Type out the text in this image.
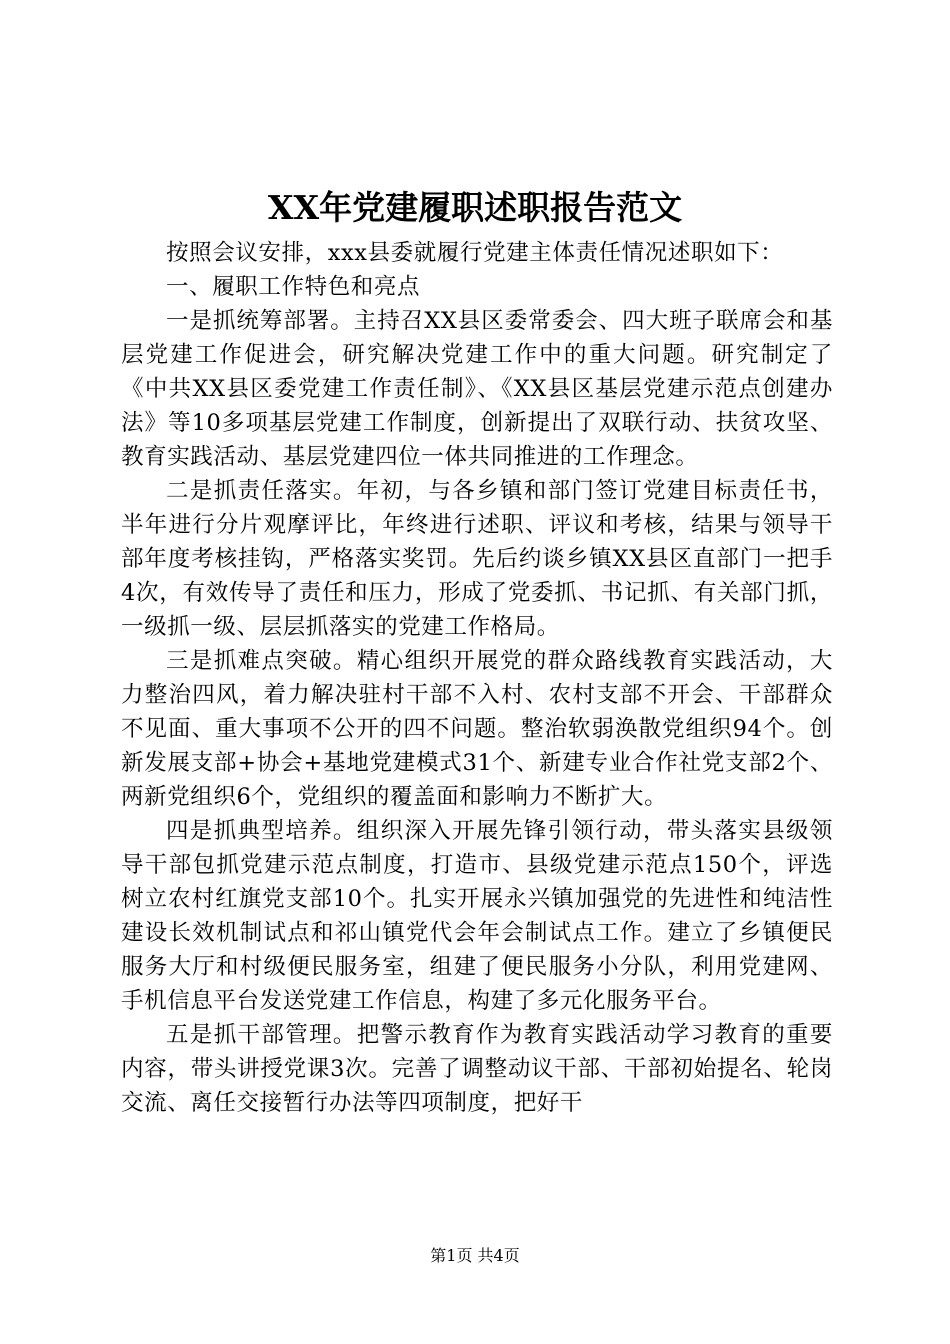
XX年党建履职述职报告范文

按照会议安排，xxx县委就履行党建主体责任情况述职如下：

一、履职工作特色和亮点

一是抓统筹部署。主持召XX县区委常委会、四大班子联席会和基层党建工作促进会，研究解决党建工作中的重大问题。研究制定了《中共XX县区委党建工作责任制》、《XX县区基层党建示范点创建办法》等10多项基层党建工作制度，创新提出了双联行动、扶贫攻坚、教育实践活动、基层党建四位一体共同推进的工作理念。

二是抓责任落实。年初，与各乡镇和部门签订党建目标责任书，半年进行分片观摩评比，年终进行述职、评议和考核，结果与领导干部年度考核挂钩，严格落实奖罚。先后约谈乡镇XX县区直部门一把手4次，有效传导了责任和压力，形成了党委抓、书记抓、有关部门抓，一级抓一级、层层抓落实的党建工作格局。

三是抓难点突破。精心组织开展党的群众路线教育实践活动，大力整治四风，着力解决驻村干部不入村、农村支部不开会、干部群众不见面、重大事项不公开的四不问题。整治软弱涣散党组织94个。创新发展支部+协会+基地党建模式31个、新建专业合作社党支部2个、两新党组织6个，党组织的覆盖面和影响力不断扩大。

四是抓典型培养。组织深入开展先锋引领行动，带头落实县级领导干部包抓党建示范点制度，打造市、县级党建示范点150个，评选树立农村红旗党支部10个。扎实开展永兴镇加强党的先进性和纯洁性建设长效机制试点和祁山镇党代会年会制试点工作。建立了乡镇便民服务大厅和村级便民服务室，组建了便民服务小分队，利用党建网、手机信息平台发送党建工作信息，构建了多元化服务平台。

五是抓干部管理。把警示教育作为教育实践活动学习教育的重要内容，带头讲授党课3次。完善了调整动议干部、干部初始提名、轮岗交流、离任交接暂行办法等四项制度，把好干

第1页 共4页
